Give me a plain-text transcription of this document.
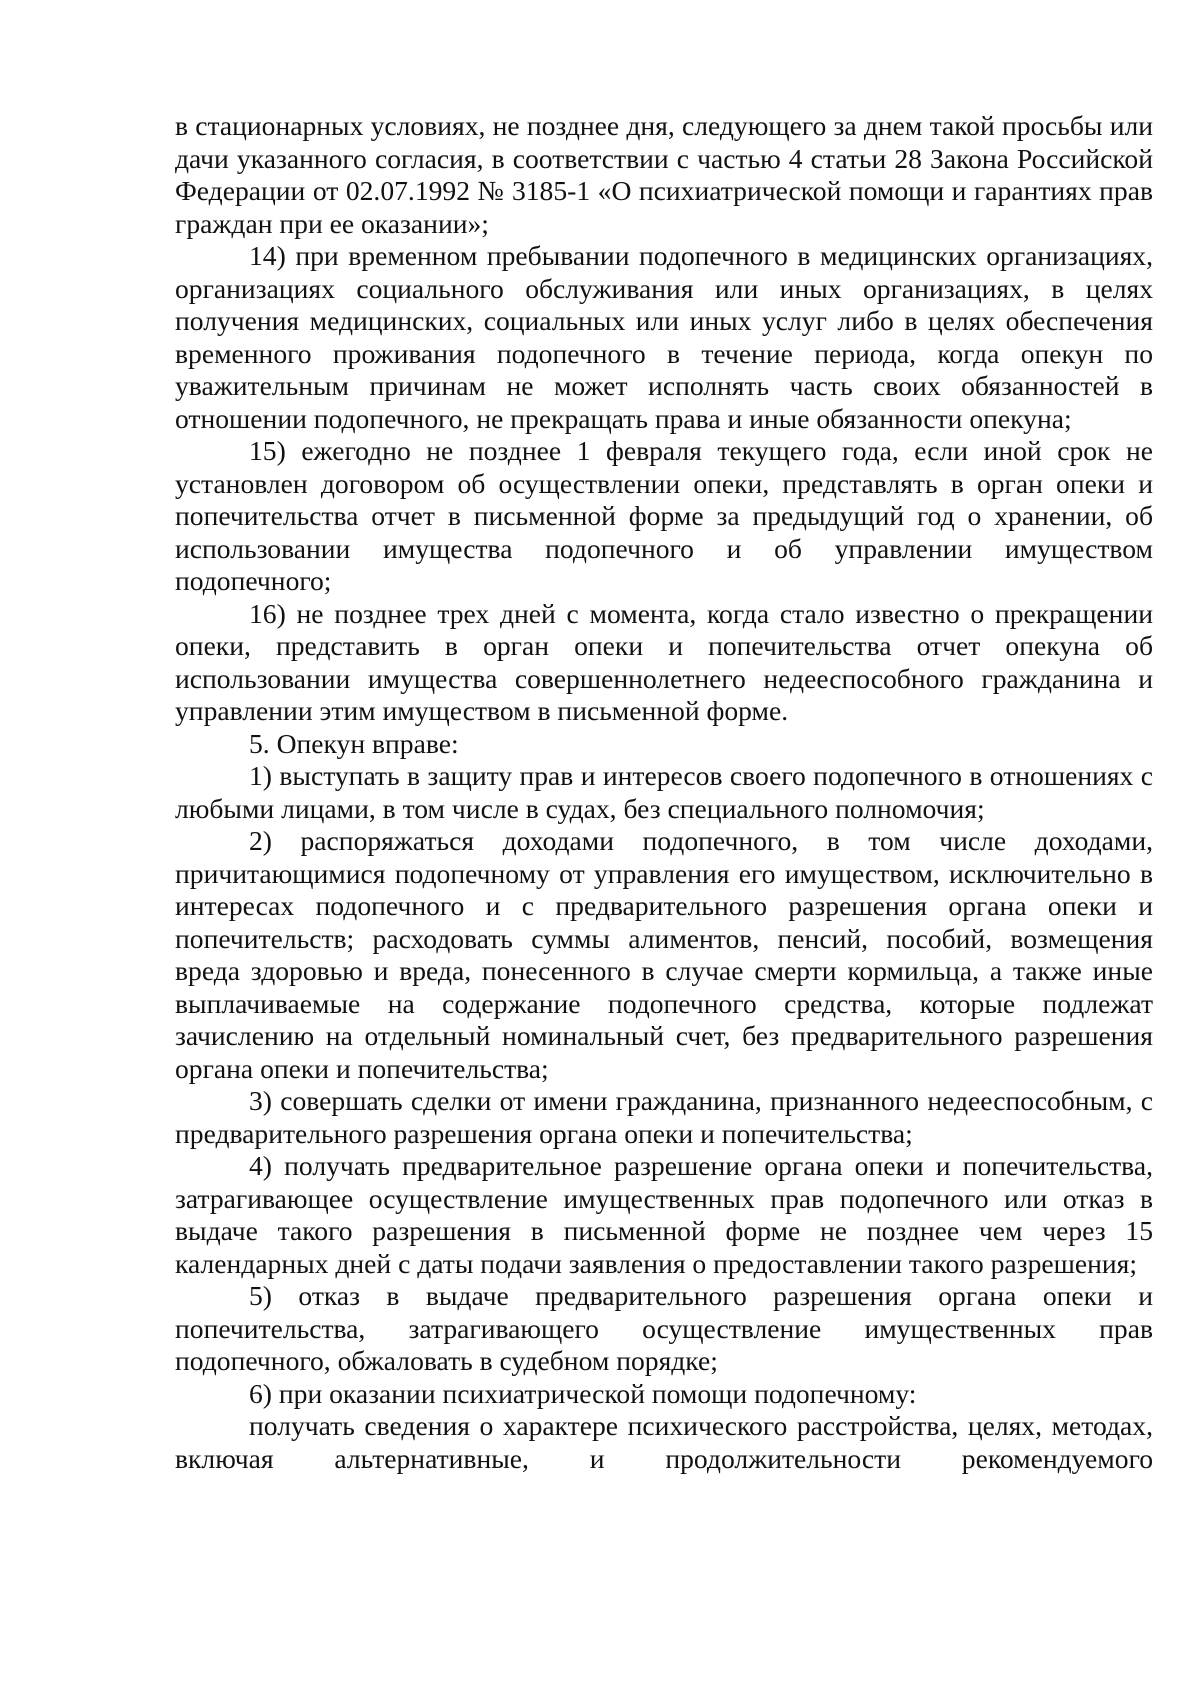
в стационарных условиях, не позднее дня, следующего за днем такой просьбы или дачи указанного согласия, в соответствии с частью 4 статьи 28 Закона Российской Федерации от 02.07.1992 № 3185-1 «О психиатрической помощи и гарантиях прав граждан при ее оказании»;

14) при временном пребывании подопечного в медицинских организациях, организациях социального обслуживания или иных организациях, в целях получения медицинских, социальных или иных услуг либо в целях обеспечения временного проживания подопечного в течение периода, когда опекун по уважительным причинам не может исполнять часть своих обязанностей в отношении подопечного, не прекращать права и иные обязанности опекуна;

15) ежегодно не позднее 1 февраля текущего года, если иной срок не установлен договором об осуществлении опеки, представлять в орган опеки и попечительства отчет в письменной форме за предыдущий год о хранении, об использовании имущества подопечного и об управлении имуществом подопечного;

16) не позднее трех дней с момента, когда стало известно о прекращении опеки, представить в орган опеки и попечительства отчет опекуна об использовании имущества совершеннолетнего недееспособного гражданина и управлении этим имуществом в письменной форме.

5. Опекун вправе:

1) выступать в защиту прав и интересов своего подопечного в отношениях с любыми лицами, в том числе в судах, без специального полномочия;

2) распоряжаться доходами подопечного, в том числе доходами, причитающимися подопечному от управления его имуществом, исключительно в интересах подопечного и с предварительного разрешения органа опеки и попечительств; расходовать суммы алиментов, пенсий, пособий, возмещения вреда здоровью и вреда, понесенного в случае смерти кормильца, а также иные выплачиваемые на содержание подопечного средства, которые подлежат зачислению на отдельный номинальный счет, без предварительного разрешения органа опеки и попечительства;

3) совершать сделки от имени гражданина, признанного недееспособным, с предварительного разрешения органа опеки и попечительства;

4) получать предварительное разрешение органа опеки и попечительства, затрагивающее осуществление имущественных прав подопечного или отказ в выдаче такого разрешения в письменной форме не позднее чем через 15 календарных дней с даты подачи заявления о предоставлении такого разрешения;

5) отказ в выдаче предварительного разрешения органа опеки и попечительства, затрагивающего осуществление имущественных прав подопечного, обжаловать в судебном порядке;

6) при оказании психиатрической помощи подопечному:

получать сведения о характере психического расстройства, целях, методах, включая альтернативные, и продолжительности рекомендуемого
